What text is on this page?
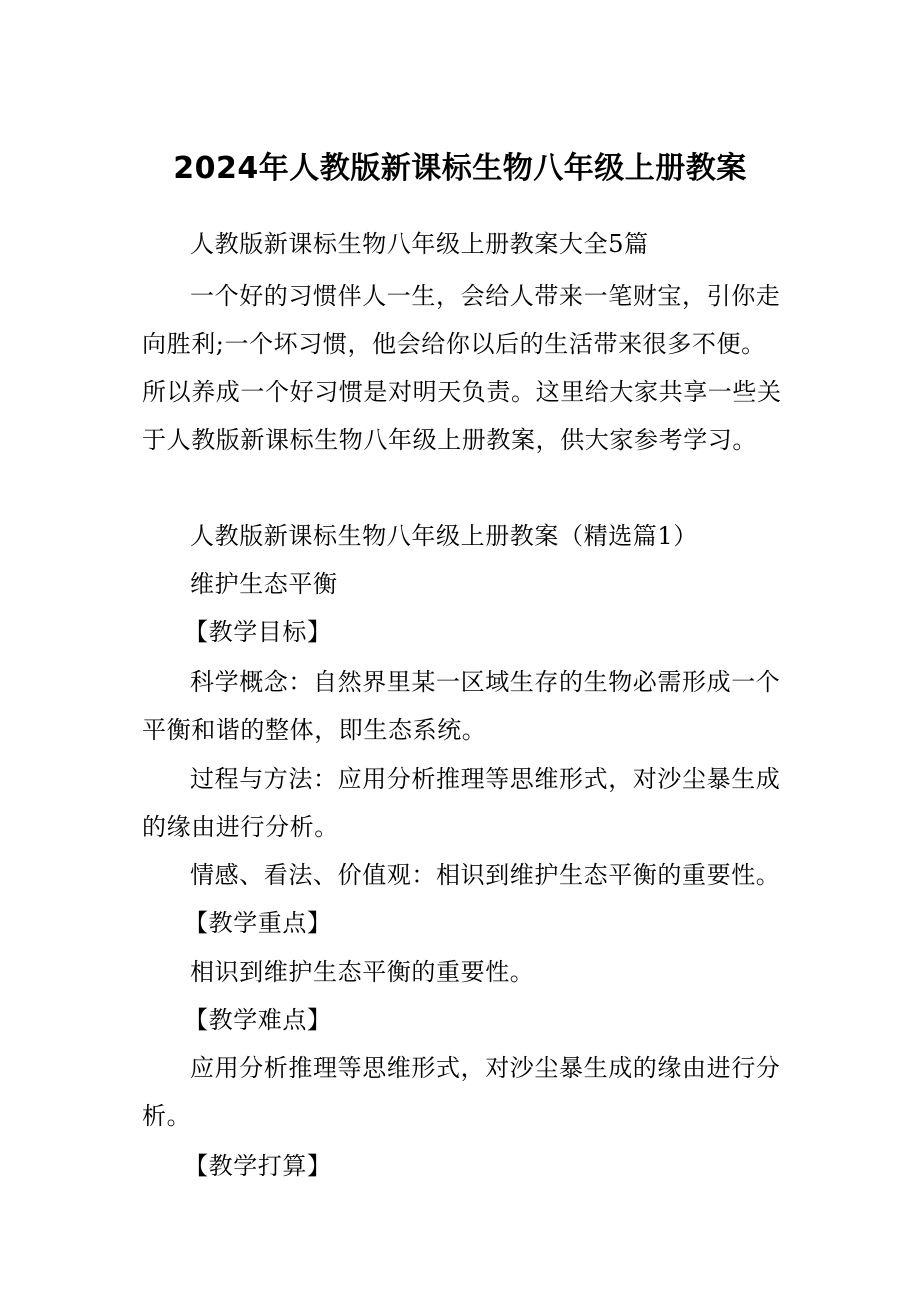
2024年人教版新课标生物八年级上册教案
人教版新课标生物八年级上册教案大全5篇
一个好的习惯伴人一生，会给人带来一笔财宝，引你走
向胜利;一个坏习惯，他会给你以后的生活带来很多不便。
所以养成一个好习惯是对明天负责。这里给大家共享一些关
于人教版新课标生物八年级上册教案，供大家参考学习。
人教版新课标生物八年级上册教案（精选篇1）
维护生态平衡
【教学目标】
科学概念：自然界里某一区域生存的生物必需形成一个
平衡和谐的整体，即生态系统。
过程与方法：应用分析推理等思维形式，对沙尘暴生成
的缘由进行分析。
情感、看法、价值观：相识到维护生态平衡的重要性。
【教学重点】
相识到维护生态平衡的重要性。
【教学难点】
应用分析推理等思维形式，对沙尘暴生成的缘由进行分
析。
【教学打算】
